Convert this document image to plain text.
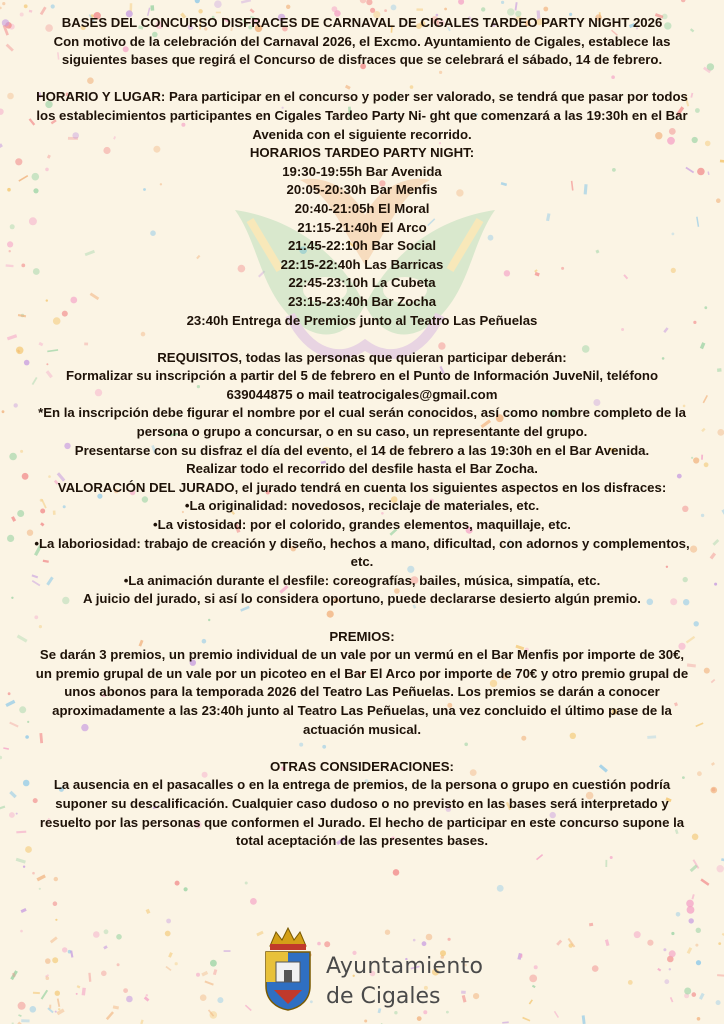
BASES DEL CONCURSO DISFRACES DE CARNAVAL DE CIGALES TARDEO PARTY NIGHT 2026

Con motivo de la celebración del Carnaval 2026, el Excmo. Ayuntamiento de Cigales, establece las siguientes bases que regirá el Concurso de disfraces que se celebrará el sábado, 14 de febrero.

HORARIO Y LUGAR: Para participar en el concurso y poder ser valorado, se tendrá que pasar por todos los establecimientos participantes en Cigales Tardeo Party Ni- ght que comenzará a las 19:30h en el Bar Avenida con el siguiente recorrido.

HORARIOS TARDEO PARTY NIGHT:

19:30-19:55h Bar Avenida

20:05-20:30h Bar Menfis

20:40-21:05h El Moral

21:15-21:40h El Arco

21:45-22:10h Bar Social

22:15-22:40h Las Barricas

22:45-23:10h La Cubeta

23:15-23:40h Bar Zocha

23:40h Entrega de Premios junto al Teatro Las Peñuelas

REQUISITOS, todas las personas que quieran participar deberán:

Formalizar su inscripción a partir del 5 de febrero en el Punto de Información JuveNil, teléfono 639044875 o mail teatrocigales@gmail.com

*En la inscripción debe figurar el nombre por el cual serán conocidos, así como nombre completo de la persona o grupo a concursar, o en su caso, un representante del grupo.

Presentarse con su disfraz el día del evento, el 14 de febrero a las 19:30h en el Bar Avenida.

Realizar todo el recorrido del desfile hasta el Bar Zocha.

VALORACIÓN DEL JURADO, el jurado tendrá en cuenta los siguientes aspectos en los disfraces:

•La originalidad: novedosos, reciclaje de materiales, etc.

•La vistosidad: por el colorido, grandes elementos, maquillaje, etc.

•La laboriosidad: trabajo de creación y diseño, hechos a mano, dificultad, con adornos y complementos, etc.

•La animación durante el desfile: coreografías, bailes, música, simpatía, etc.

A juicio del jurado, si así lo considera oportuno, puede declararse desierto algún premio.

PREMIOS:

Se darán 3 premios, un premio individual de un vale por un vermú en el Bar Menfis por importe de 30€, un premio grupal de un vale por un picoteo en el Bar El Arco por importe de 70€ y otro premio grupal de unos abonos para la temporada 2026 del Teatro Las Peñuelas. Los premios se darán a conocer aproximadamente a las 23:40h junto al Teatro Las Peñuelas, una vez concluido el último pase de la actuación musical.

OTRAS CONSIDERACIONES:

La ausencia en el pasacalles o en la entrega de premios, de la persona o grupo en cuestión podría suponer su descalificación. Cualquier caso dudoso o no previsto en las bases será interpretado y resuelto por las personas que conformen el Jurado. El hecho de participar en este concurso supone la total aceptación de las presentes bases.

Ayuntamiento
de Cigales
